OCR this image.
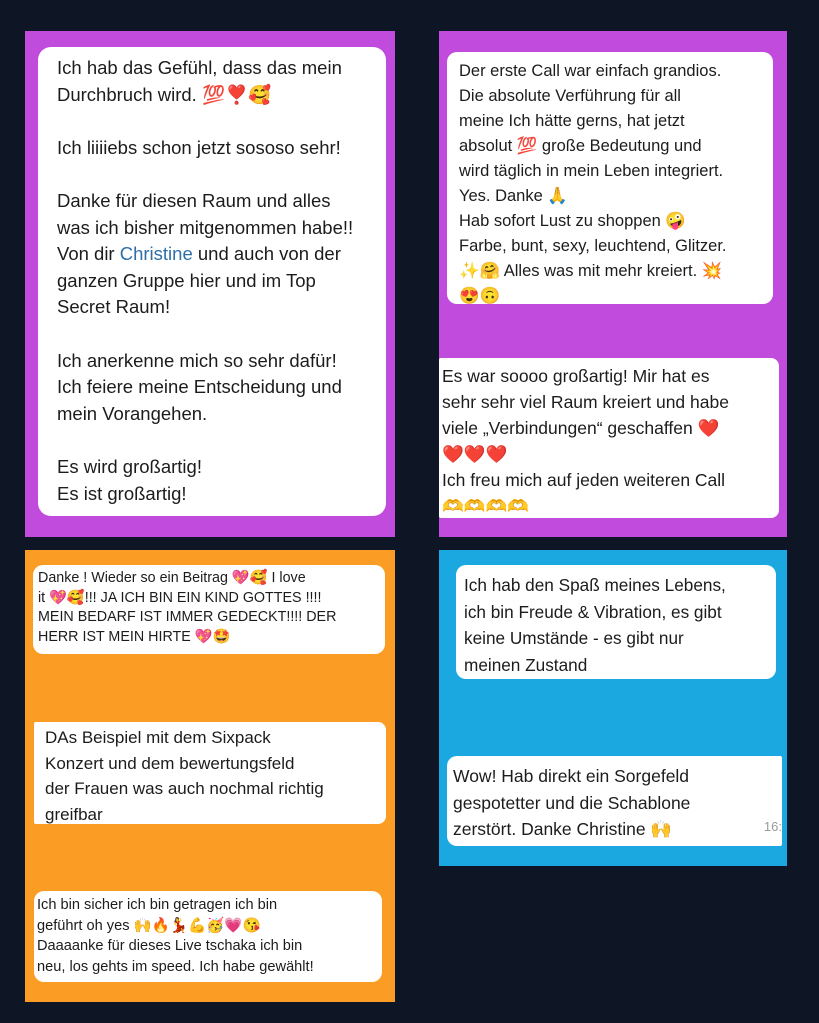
Ich hab das Gefühl, dass das mein
Durchbruch wird. 💯❣️🥰

Ich liiiiebs schon jetzt sososo sehr!

Danke für diesen Raum und alles
was ich bisher mitgenommen habe!!
Von dir Christine und auch von der
ganzen Gruppe hier und im Top
Secret Raum!

Ich anerkenne mich so sehr dafür!
Ich feiere meine Entscheidung und
mein Vorangehen.

Es wird großartig!
Es ist großartig!
Der erste Call war einfach grandios.
Die absolute Verführung für all
meine Ich hätte gerns, hat jetzt
absolut 💯 große Bedeutung und
wird täglich in mein Leben integriert.
Yes. Danke 🙏
Hab sofort Lust zu shoppen 🤪
Farbe, bunt, sexy, leuchtend, Glitzer.
✨🤗 Alles was mit mehr kreiert. 💥
😍🙃
Es war soooo großartig! Mir hat es
sehr sehr viel Raum kreiert und habe
viele „Verbindungen“ geschaffen ❤️
❤️❤️❤️
Ich freu mich auf jeden weiteren Call
🫶🫶🫶🫶
Danke ! Wieder so ein Beitrag 💖🥰 I love
it 💖🥰!!! JA ICH BIN EIN KIND GOTTES !!!!
MEIN BEDARF IST IMMER GEDECKT!!!! DER
HERR IST MEIN HIRTE 💖🤩
DAs Beispiel mit dem Sixpack
Konzert und dem bewertungsfeld
der Frauen was auch nochmal richtig
greifbar
Ich bin sicher ich bin getragen ich bin
geführt oh yes 🙌🔥💃💪🥳💗😘
Daaaanke für dieses Live tschaka ich bin
neu, los gehts im speed. Ich habe gewählt!
Ich hab den Spaß meines Lebens,
ich bin Freude & Vibration, es gibt
keine Umstände - es gibt nur
meinen Zustand
Wow! Hab direkt ein Sorgefeld
gespotetter und die Schablone
zerstört. Danke Christine 🙌	16:
